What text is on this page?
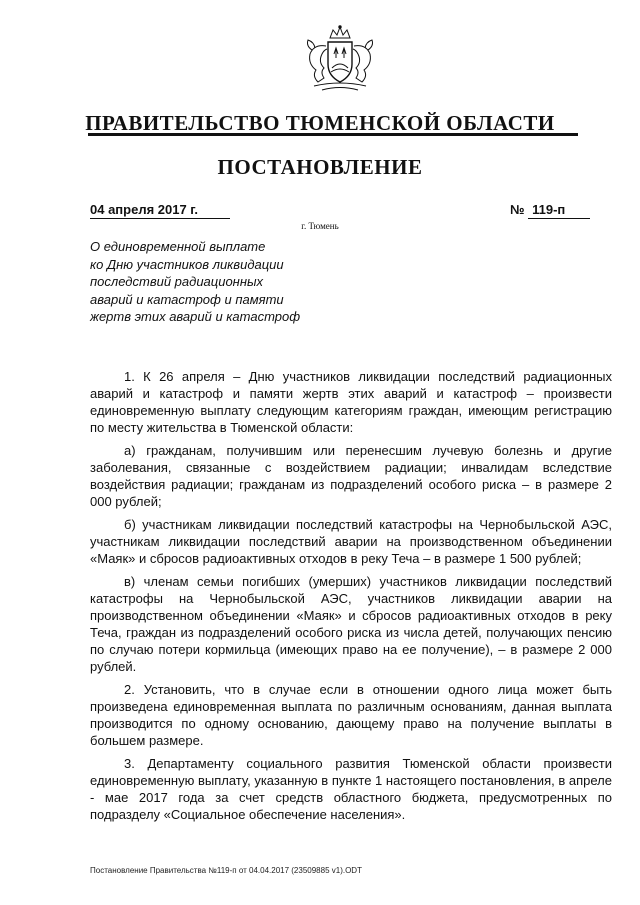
ПРАВИТЕЛЬСТВО ТЮМЕНСКОЙ ОБЛАСТИ
ПОСТАНОВЛЕНИЕ
04 апреля 2017 г.	№ 119-п
г. Тюмень
О единовременной выплате
ко Дню участников ликвидации
последствий радиационных
аварий и катастроф и памяти
жертв этих аварий и катастроф

1. К 26 апреля – Дню участников ликвидации последствий радиационных аварий и катастроф и памяти жертв этих аварий и катастроф – произвести единовременную выплату следующим категориям граждан, имеющим регистрацию по месту жительства в Тюменской области:

а) гражданам, получившим или перенесшим лучевую болезнь и другие заболевания, связанные с воздействием радиации; инвалидам вследствие воздействия радиации; гражданам из подразделений особого риска – в размере 2 000 рублей;

б) участникам ликвидации последствий катастрофы на Чернобыльской АЭС, участникам ликвидации последствий аварии на производственном объединении «Маяк» и сбросов радиоактивных отходов в реку Теча – в размере 1 500 рублей;

в) членам семьи погибших (умерших) участников ликвидации последствий катастрофы на Чернобыльской АЭС, участников ликвидации аварии на производственном объединении «Маяк» и сбросов радиоактивных отходов в реку Теча, граждан из подразделений особого риска из числа детей, получающих пенсию по случаю потери кормильца (имеющих право на ее получение), – в размере 2 000 рублей.

2. Установить, что в случае если в отношении одного лица может быть произведена единовременная выплата по различным основаниям, данная выплата производится по одному основанию, дающему право на получение выплаты в большем размере.

3. Департаменту социального развития Тюменской области произвести единовременную выплату, указанную в пункте 1 настоящего постановления, в апреле - мае 2017 года за счет средств областного бюджета, предусмотренных по подразделу «Социальное обеспечение населения».

Постановление Правительства №119-п от 04.04.2017 (23509885 v1).ODT
